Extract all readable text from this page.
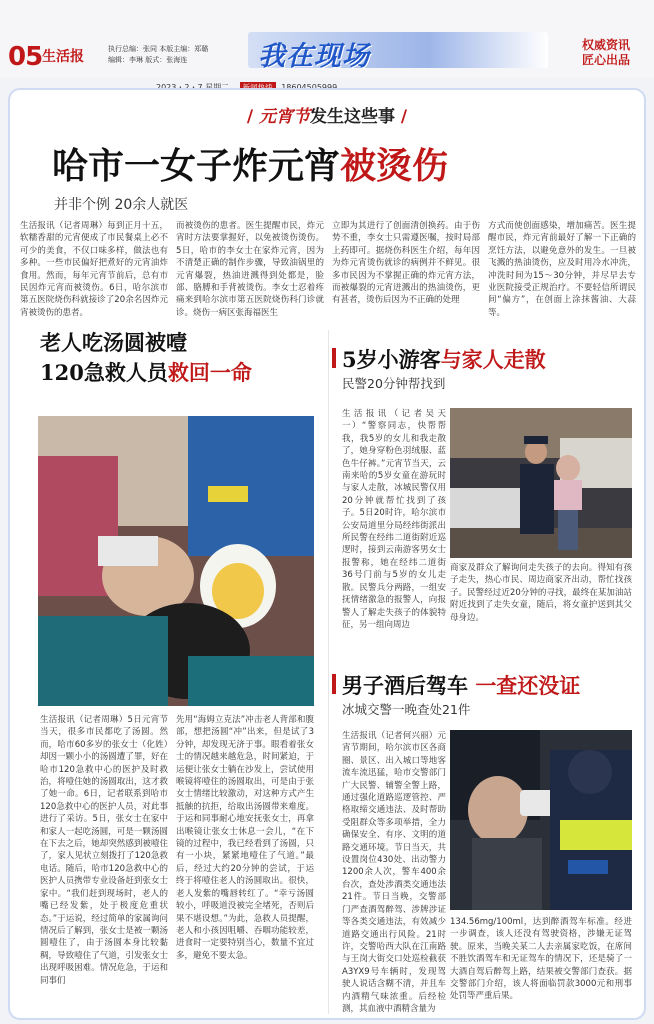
05 生活报	执行总编：张同 本版主编：郑璐
编辑：李琳 版式：张海连	我在现场	权威资讯
匠心出品
/ 元宵节发生这些事 /
哈市一女子炸元宵被烫伤
并非个例 20余人就医
生活报讯（记者周琳）每到正月十五，软糯香甜的元宵便成了市民餐桌上必不可少的美食，不仅口味多样，做法也有多种。一些市民偏好把煮好的元宵油炸食用。然而，每年元宵节前后，总有市民因炸元宵而被烫伤。6日，哈尔滨市第五医院烧伤科就接诊了20余名因炸元宵被烫伤的患者。
而被烫伤的患者。医生提醒市民，炸元宵时方法要掌握好，以免被烫伤烫伤。5日，哈市的李女士在家炸元宵，因为不清楚正确的制作步骤，导致油锅里的元宵爆裂，热油迸溅得到处都是，脸部、胳膊和手背被烫伤。李女士忍着疼痛来到哈尔滨市第五医院烧伤科门诊就诊。烧伤一病区张海福医生
立即为其进行了创面清创换药。由于伤势不重，李女士只需遵医嘱，按时局部上药即可。据烧伤科医生介绍，每年因为炸元宵烫伤就诊的病例并不鲜见。很多市民因为不掌握正确的炸元宵方法，而被爆裂的元宵迸溅出的热油烫伤，更有甚者，烫伤后因为不正确的处理
方式而使创面感染，增加痛苦。医生提醒市民，炸元宵前最好了解一下正确的烹饪方法，以避免意外的发生。一旦被飞溅的热油烫伤，应及时用冷水冲洗，冲洗时间为15～30分钟，并尽早去专业医院接受正规治疗。不要轻信所谓民间“偏方”，在创面上涂抹酱油、大蒜等。
老人吃汤圆被噎
120急救人员救回一命
生活报讯（记者周琳）5日元宵节当天，很多市民都吃了汤圆。然而，哈市60多岁的张女士（化姓）却因一颗小小的汤圆遭了罪，好在哈市120急救中心的医护及时救治，将噎住她的汤圆取出，这才救了她一命。6日，记者联系到哈市120急救中心的医护人员，对此事进行了采访。5日，张女士在家中和家人一起吃汤圆，可是一颗汤圆在下去之后，她却突然感到被噎住了，家人见状立刻拨打了120急救电话。随后，哈市120急救中心的医护人员携带专业设备赶到张女士家中。“我们赶到现场时，老人的嘴已经发紫，处于极度危重状态。”于运说，经过简单的家属询问情况后了解到，张女士是被一颗汤圆噎住了，由于汤圆本身比较黏稠，导致噎住了气道，引发张女士出现呼吸困难。情况危急，于运和同事们
先用“海姆立克法”冲击老人背部和腹部，想把汤圆“冲”出来，但是试了3分钟，却发现无济于事。眼看着张女士的情况越来越危急，时间紧迫，于运便让张女士躺在沙发上，尝试使用喉镜将噎住的汤圆取出，可是由于张女士情绪比较激动，对这种方式产生抵触的抗拒，给取出汤圆带来难度。于运和同事耐心地安抚张女士，再拿出喉镜让张女士休息一会儿，“在下镜的过程中，我已经看到了汤圆，只有一小块，紧紧地噎住了气道。”最后，经过大约20分钟的尝试，于运终于将噎住老人的汤圆取出。很快，老人发紫的嘴唇转红了。“幸亏汤圆较小，呼吸道没被完全堵死，否则后果不堪设想。”为此，急救人员提醒，老人和小孩因咀嚼、吞咽功能较差，进食时一定要特别当心，数量不宜过多，避免不要太急。
5岁小游客与家人走散
民警20分钟帮找到
生活报讯（记者吴天一）“警察同志，快帮帮我，我5岁的女儿和我走散了，她身穿粉色羽绒服、蓝色牛仔裤。”元宵节当天，云南来哈的5岁女童在游玩时与家人走散，冰城民警仅用20分钟就帮忙找到了孩子。5日20时许，哈尔滨市公安局道里分局经纬街派出所民警在经纬二道街附近巡逻时，接到云南游客男女士报警称，她在经纬二道街36号门前与5岁的女儿走散。民警兵分两路，一组安抚情绪激急的报警人，向报警人了解走失孩子的体貌特征，另一组向周边
商家及群众了解询问走失孩子的去向。得知有孩子走失，热心市民、周边商家齐出动，帮忙找孩子。民警经过近20分钟的寻找，最终在某加油站附近找到了走失女童，随后，将女童护送到其父母身边。
男子酒后驾车 一查还没证
冰城交警一晚查处21件
生活报讯（记者何兴丽）元宵节期间，哈尔滨市区各商圈、景区、出入城口等地客流车流迅猛，哈市交警部门广大民警、辅警全警上路，通过强化道路巡逻管控、严格取缔交通违法、及时帮助受阻群众等多项举措，全力确保安全、有序、文明的道路交通环境。节日当天，共设置岗位430处、出动警力1200余人次，警车400余台次，查处涉酒类交通违法21件。节日当晚，交警部门严查酒驾醉驾、涉牌涉证等各类交通违法，有效减少道路交通出行风险。21时许，交警哈西大队在江南路与王岗大街交口处巡检截获A3YX9号车辆时，发现驾驶人说话含糊不清，并且车内酒精气味浓重。后经检测，其血液中酒精含量为
134.56mg/100ml，达到醉酒驾车标准。经进一步调查，该人还没有驾驶资格，涉嫌无证驾驶。原来，当晚关某二人去亲属家吃饭，在席间不胜饮酒驾车和无证驾车的情况下，还是骑了一大酒自驾后醉驾上路，结果被交警部门查获。据交警部门介绍，该人将面临罚款3000元和刑事处罚等严重后果。
